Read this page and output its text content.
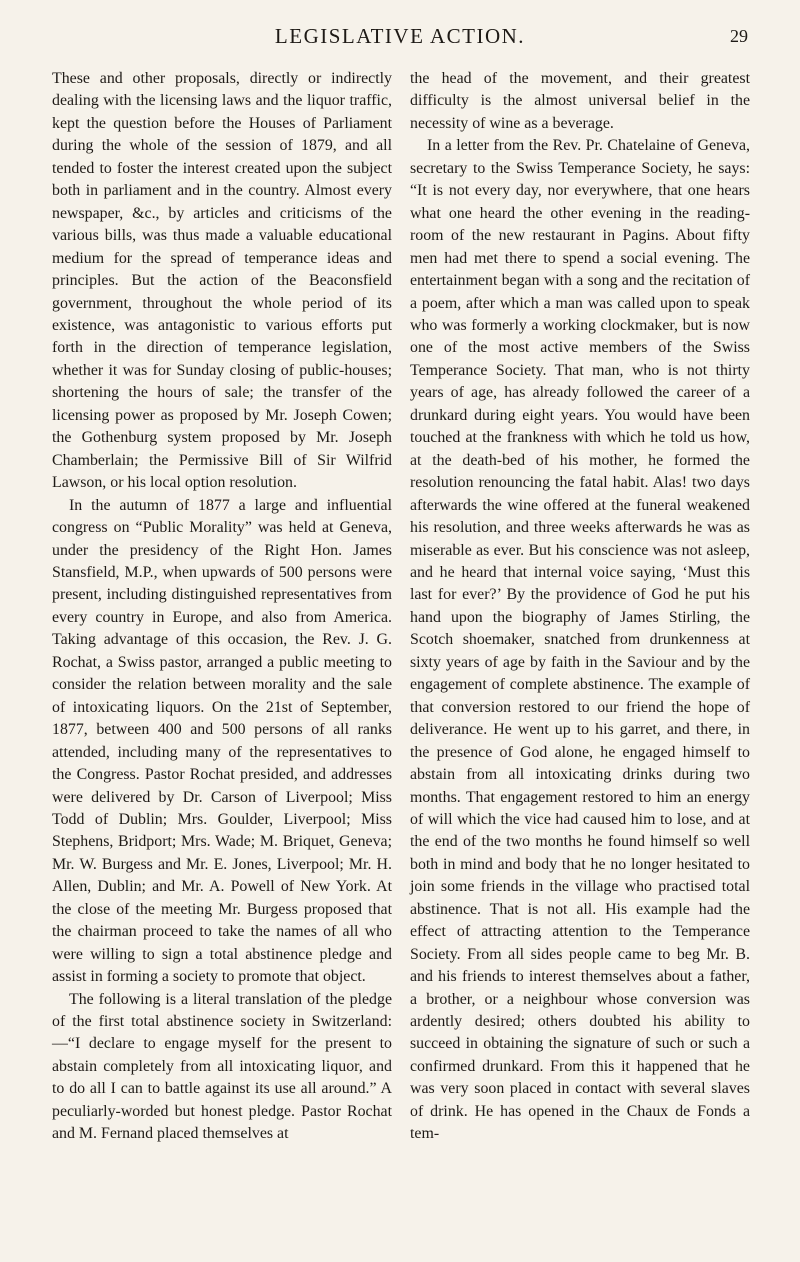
LEGISLATIVE ACTION.	29

These and other proposals, directly or indirectly dealing with the licensing laws and the liquor traffic, kept the question before the Houses of Parliament during the whole of the session of 1879, and all tended to foster the interest created upon the subject both in parliament and in the country. Almost every newspaper, &c., by articles and criticisms of the various bills, was thus made a valuable educational medium for the spread of temperance ideas and principles. But the action of the Beaconsfield government, throughout the whole period of its existence, was antagonistic to various efforts put forth in the direction of temperance legislation, whether it was for Sunday closing of public-houses; shortening the hours of sale; the transfer of the licensing power as proposed by Mr. Joseph Cowen; the Gothenburg system proposed by Mr. Joseph Chamberlain; the Permissive Bill of Sir Wilfrid Lawson, or his local option resolution.

In the autumn of 1877 a large and influential congress on “Public Morality” was held at Geneva, under the presidency of the Right Hon. James Stansfield, M.P., when upwards of 500 persons were present, including distinguished representatives from every country in Europe, and also from America. Taking advantage of this occasion, the Rev. J. G. Rochat, a Swiss pastor, arranged a public meeting to consider the relation between morality and the sale of intoxicating liquors. On the 21st of September, 1877, between 400 and 500 persons of all ranks attended, including many of the representatives to the Congress. Pastor Rochat presided, and addresses were delivered by Dr. Carson of Liverpool; Miss Todd of Dublin; Mrs. Goulder, Liverpool; Miss Stephens, Bridport; Mrs. Wade; M. Briquet, Geneva; Mr. W. Burgess and Mr. E. Jones, Liverpool; Mr. H. Allen, Dublin; and Mr. A. Powell of New York. At the close of the meeting Mr. Burgess proposed that the chairman proceed to take the names of all who were willing to sign a total abstinence pledge and assist in forming a society to promote that object.

The following is a literal translation of the pledge of the first total abstinence society in Switzerland:—“I declare to engage myself for the present to abstain completely from all intoxicating liquor, and to do all I can to battle against its use all around.” A peculiarly-worded but honest pledge. Pastor Rochat and M. Fernand placed themselves at

the head of the movement, and their greatest difficulty is the almost universal belief in the necessity of wine as a beverage.

In a letter from the Rev. Pr. Chatelaine of Geneva, secretary to the Swiss Temperance Society, he says: “It is not every day, nor everywhere, that one hears what one heard the other evening in the reading-room of the new restaurant in Pagins. About fifty men had met there to spend a social evening. The entertainment began with a song and the recitation of a poem, after which a man was called upon to speak who was formerly a working clockmaker, but is now one of the most active members of the Swiss Temperance Society. That man, who is not thirty years of age, has already followed the career of a drunkard during eight years. You would have been touched at the frankness with which he told us how, at the death-bed of his mother, he formed the resolution renouncing the fatal habit. Alas! two days afterwards the wine offered at the funeral weakened his resolution, and three weeks afterwards he was as miserable as ever. But his conscience was not asleep, and he heard that internal voice saying, ‘Must this last for ever?’ By the providence of God he put his hand upon the biography of James Stirling, the Scotch shoemaker, snatched from drunkenness at sixty years of age by faith in the Saviour and by the engagement of complete abstinence. The example of that conversion restored to our friend the hope of deliverance. He went up to his garret, and there, in the presence of God alone, he engaged himself to abstain from all intoxicating drinks during two months. That engagement restored to him an energy of will which the vice had caused him to lose, and at the end of the two months he found himself so well both in mind and body that he no longer hesitated to join some friends in the village who practised total abstinence. That is not all. His example had the effect of attracting attention to the Temperance Society. From all sides people came to beg Mr. B. and his friends to interest themselves about a father, a brother, or a neighbour whose conversion was ardently desired; others doubted his ability to succeed in obtaining the signature of such or such a confirmed drunkard. From this it happened that he was very soon placed in contact with several slaves of drink. He has opened in the Chaux de Fonds a tem-
